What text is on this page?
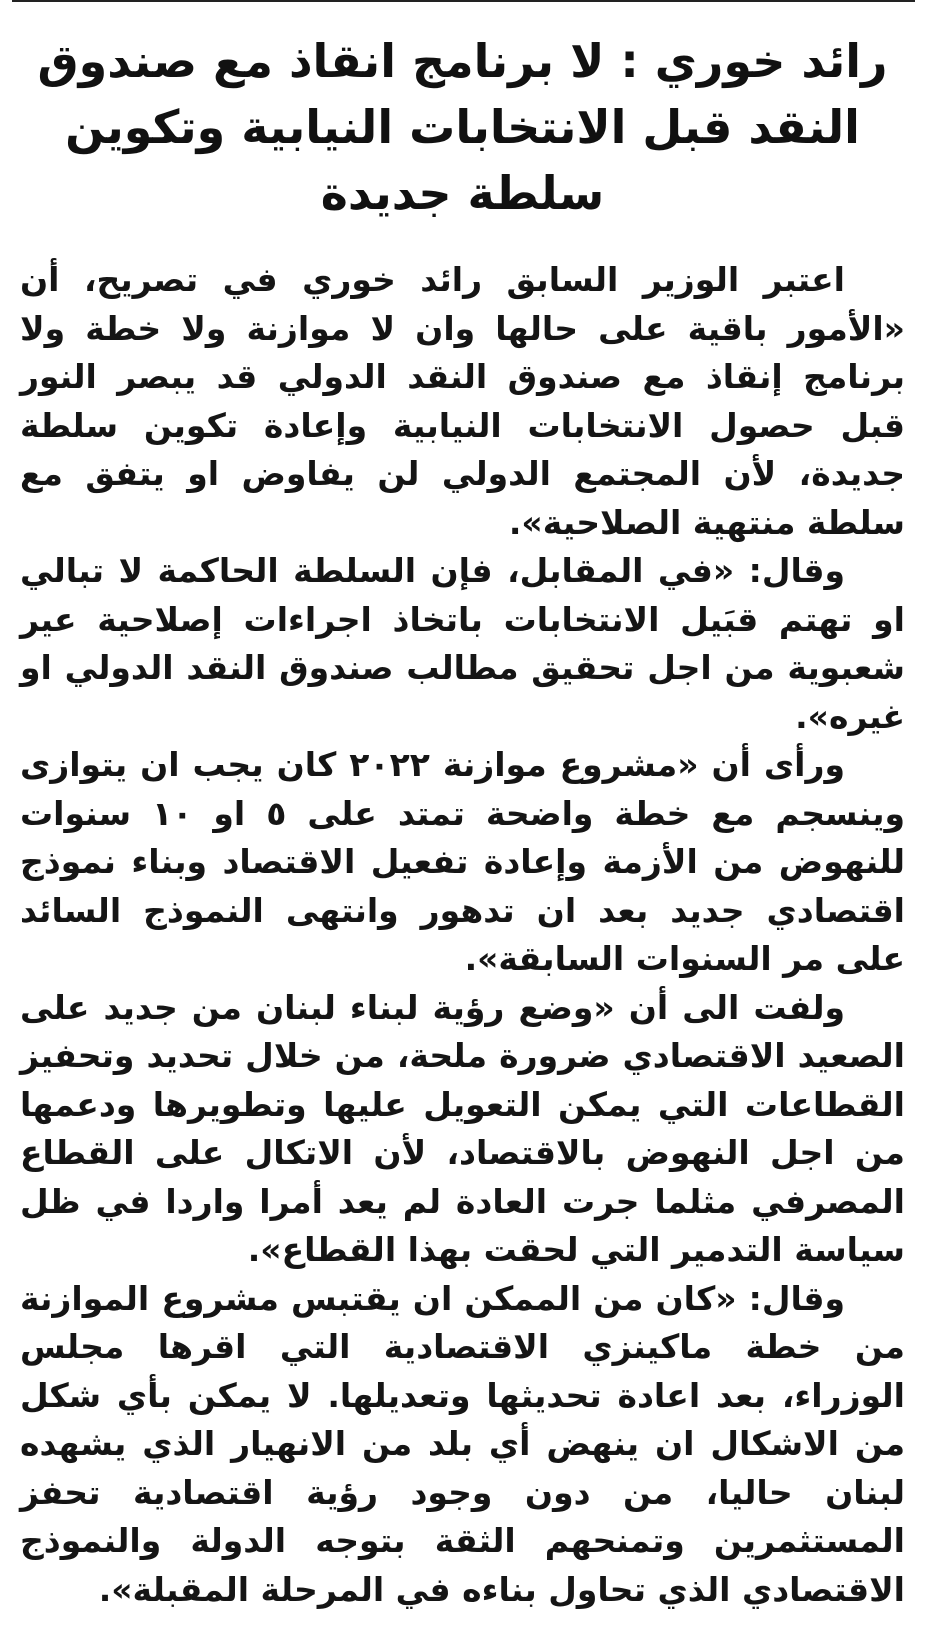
رائد خوري : لا برنامج انقاذ مع صندوق النقد قبل الانتخابات النيابية وتكوين سلطة جديدة

اعتبر الوزير السابق رائد خوري في تصريح، أن «الأمور باقية على حالها وان لا موازنة ولا خطة ولا برنامج إنقاذ مع صندوق النقد الدولي قد يبصر النور قبل حصول الانتخابات النيابية وإعادة تكوين سلطة جديدة، لأن المجتمع الدولي لن يفاوض او يتفق مع سلطة منتهية الصلاحية».

وقال: «في المقابل، فإن السلطة الحاكمة لا تبالي او تهتم قبَيل الانتخابات باتخاذ اجراءات إصلاحية عير شعبوية من اجل تحقيق مطالب صندوق النقد الدولي او غيره».

ورأى أن «مشروع موازنة ٢٠٢٢ كان يجب ان يتوازى وينسجم مع خطة واضحة تمتد على ٥ او ١٠ سنوات للنهوض من الأزمة وإعادة تفعيل الاقتصاد وبناء نموذج اقتصادي جديد بعد ان تدهور وانتهى النموذج السائد على مر السنوات السابقة».

ولفت الى أن «وضع رؤية لبناء لبنان من جديد على الصعيد الاقتصادي ضرورة ملحة، من خلال تحديد وتحفيز القطاعات التي يمكن التعويل عليها وتطويرها ودعمها من اجل النهوض بالاقتصاد، لأن الاتكال على القطاع المصرفي مثلما جرت العادة لم يعد أمرا واردا في ظل سياسة التدمير التي لحقت بهذا القطاع».

وقال: «كان من الممكن ان يقتبس مشروع الموازنة من خطة ماكينزي الاقتصادية التي اقرها مجلس الوزراء، بعد اعادة تحديثها وتعديلها. لا يمكن بأي شكل من الاشكال ان ينهض أي بلد من الانهيار الذي يشهده لبنان حاليا، من دون وجود رؤية اقتصادية تحفز المستثمرين وتمنحهم الثقة بتوجه الدولة والنموذج الاقتصادي الذي تحاول بناءه في المرحلة المقبلة».
